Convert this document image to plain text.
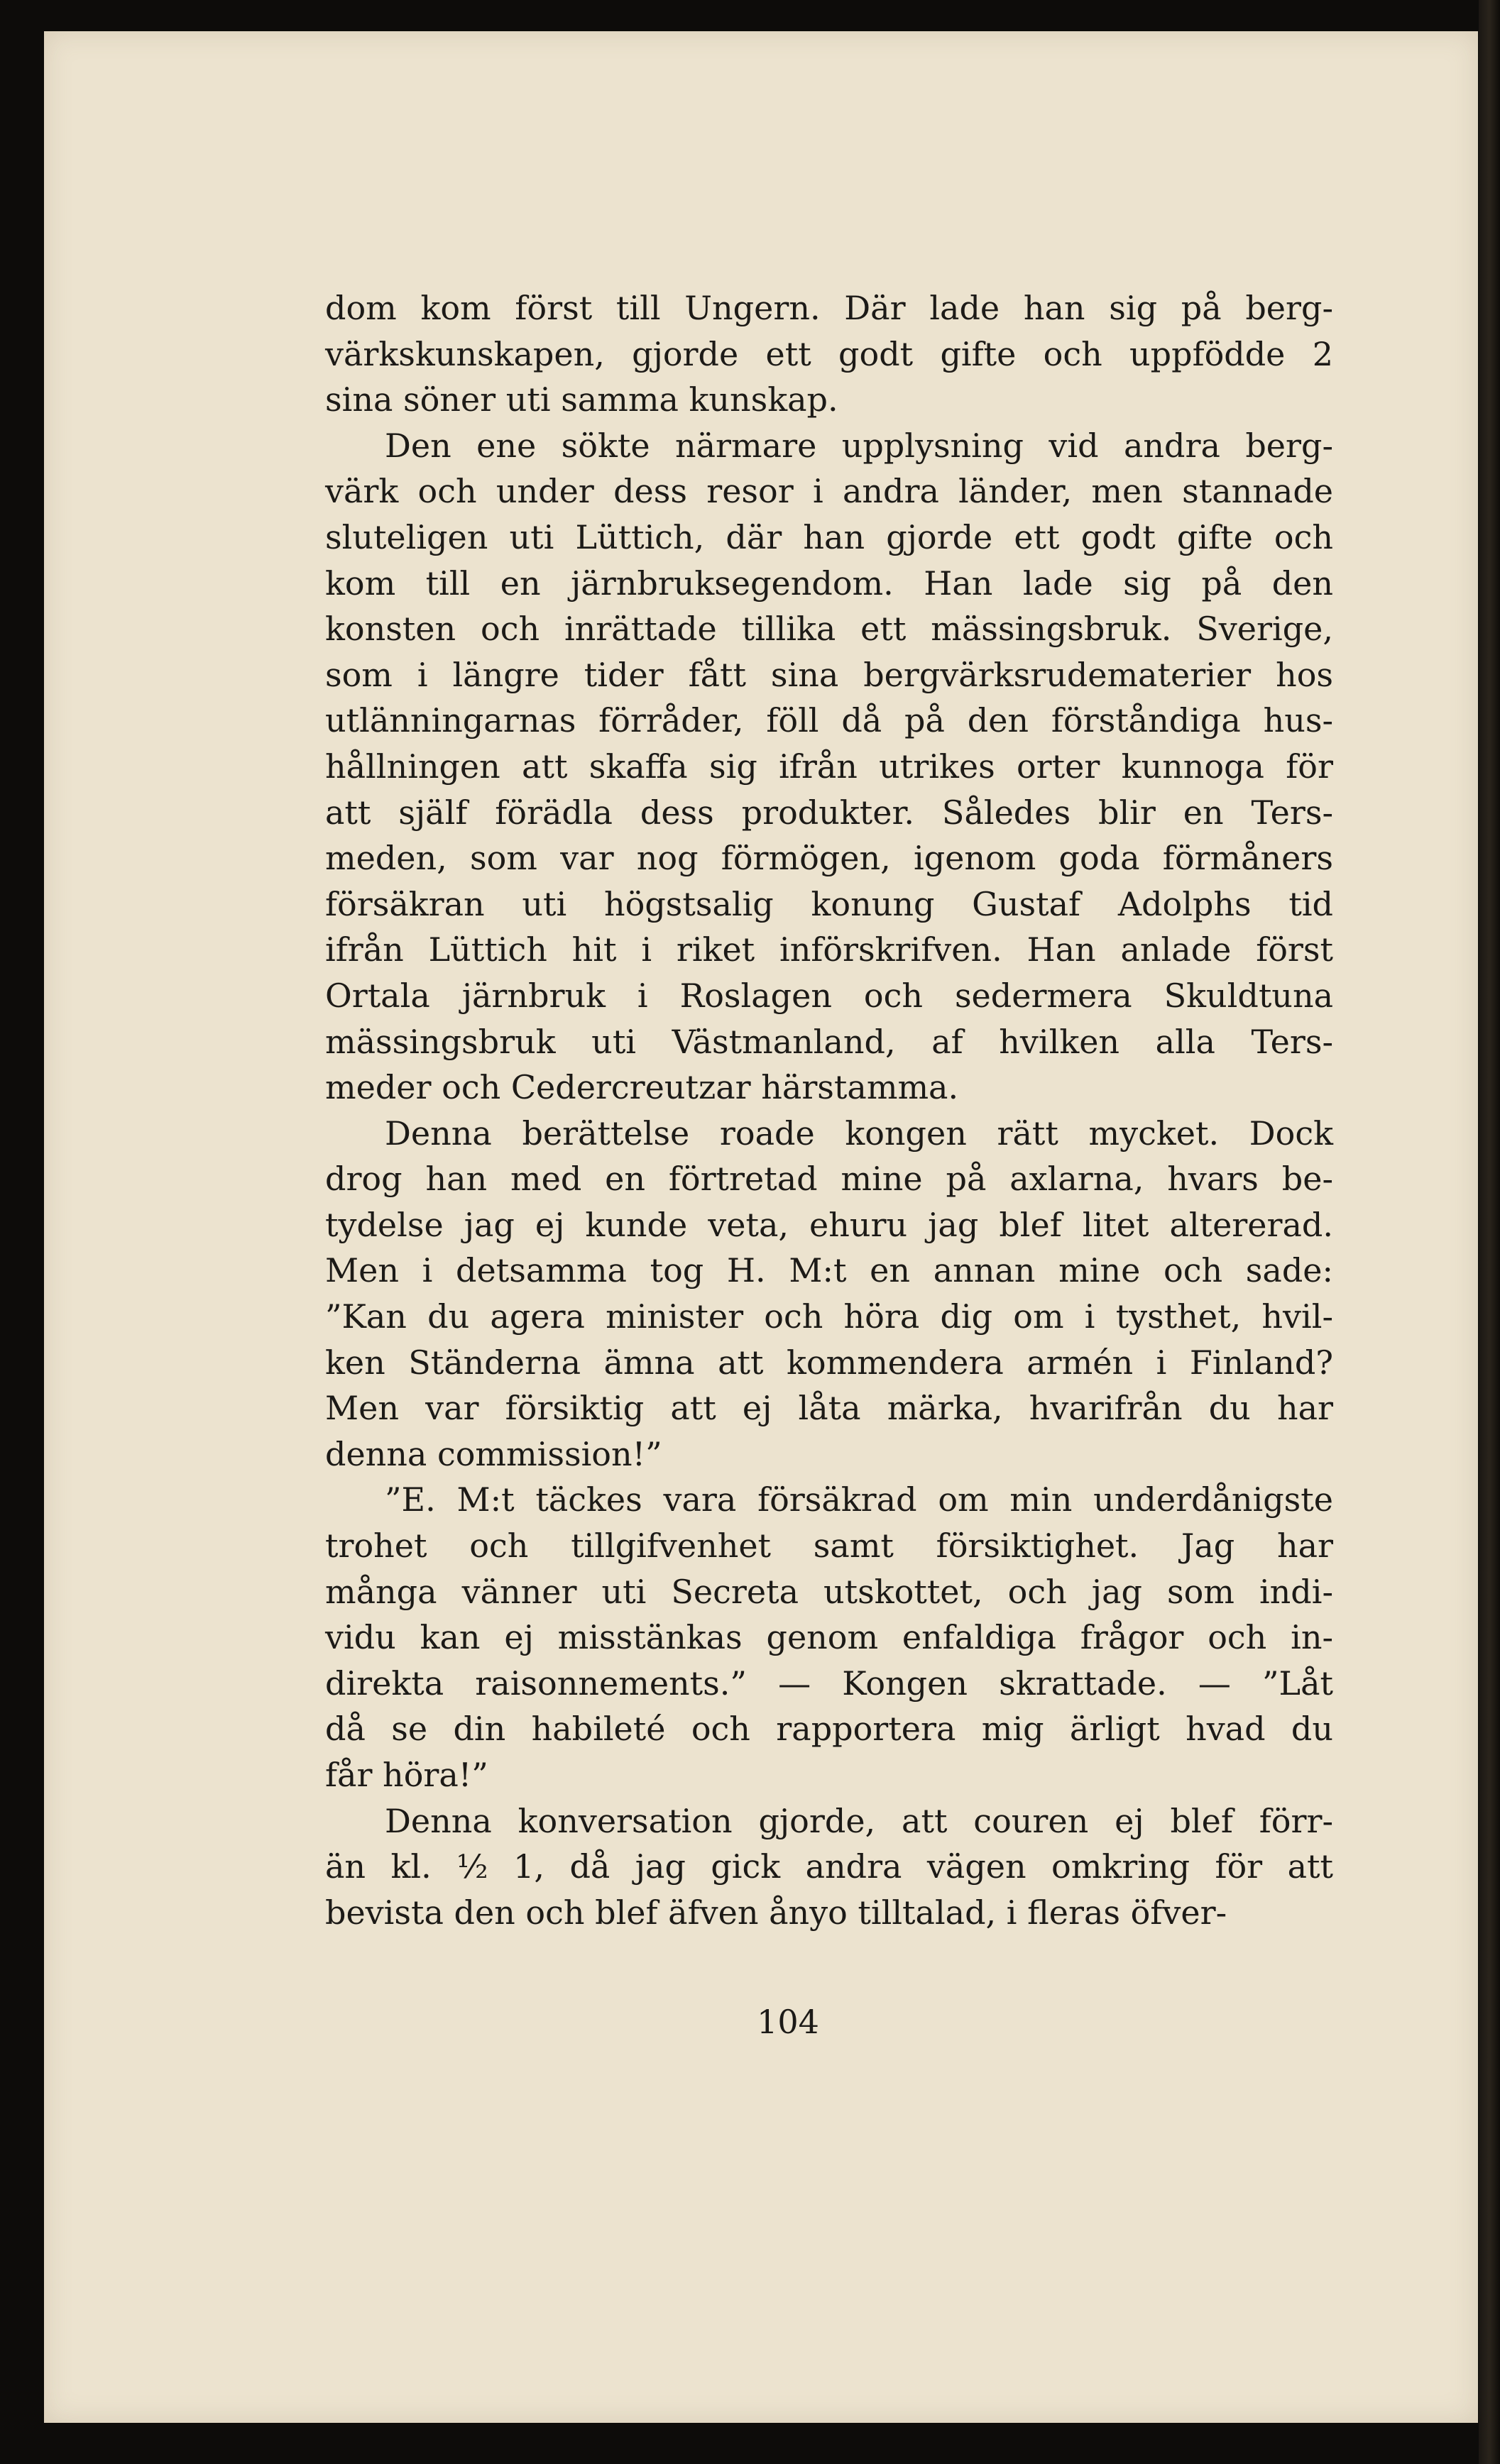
dom kom först till Ungern. Där lade han sig på berg-
värkskunskapen, gjorde ett godt gifte och uppfödde 2
sina söner uti samma kunskap.
Den ene sökte närmare upplysning vid andra berg-
värk och under dess resor i andra länder, men stannade
sluteligen uti Lüttich, där han gjorde ett godt gifte och
kom till en järnbruksegendom. Han lade sig på den
konsten och inrättade tillika ett mässingsbruk. Sverige,
som i längre tider fått sina bergvärksrudematerier hos
utlänningarnas förråder, föll då på den förståndiga hus-
hållningen att skaffa sig ifrån utrikes orter kunnoga för
att själf förädla dess produkter. Således blir en Ters-
meden, som var nog förmögen, igenom goda förmåners
försäkran uti högstsalig konung Gustaf Adolphs tid
ifrån Lüttich hit i riket införskrifven. Han anlade först
Ortala järnbruk i Roslagen och sedermera Skuldtuna
mässingsbruk uti Västmanland, af hvilken alla Ters-
meder och Cedercreutzar härstamma.
Denna berättelse roade kongen rätt mycket. Dock
drog han med en förtretad mine på axlarna, hvars be-
tydelse jag ej kunde veta, ehuru jag blef litet altererad.
Men i detsamma tog H. M:t en annan mine och sade:
”Kan du agera minister och höra dig om i tysthet, hvil-
ken Ständerna ämna att kommendera armén i Finland?
Men var försiktig att ej låta märka, hvarifrån du har
denna commission!”
”E. M:t täckes vara försäkrad om min underdånigste
trohet och tillgifvenhet samt försiktighet. Jag har
många vänner uti Secreta utskottet, och jag som indi-
vidu kan ej misstänkas genom enfaldiga frågor och in-
direkta raisonnements.” — Kongen skrattade. — ”Låt
då se din habileté och rapportera mig ärligt hvad du
får höra!”
Denna konversation gjorde, att couren ej blef förr-
än kl. ½ 1, då jag gick andra vägen omkring för att
bevista den och blef äfven ånyo tilltalad, i fleras öfver-
104
